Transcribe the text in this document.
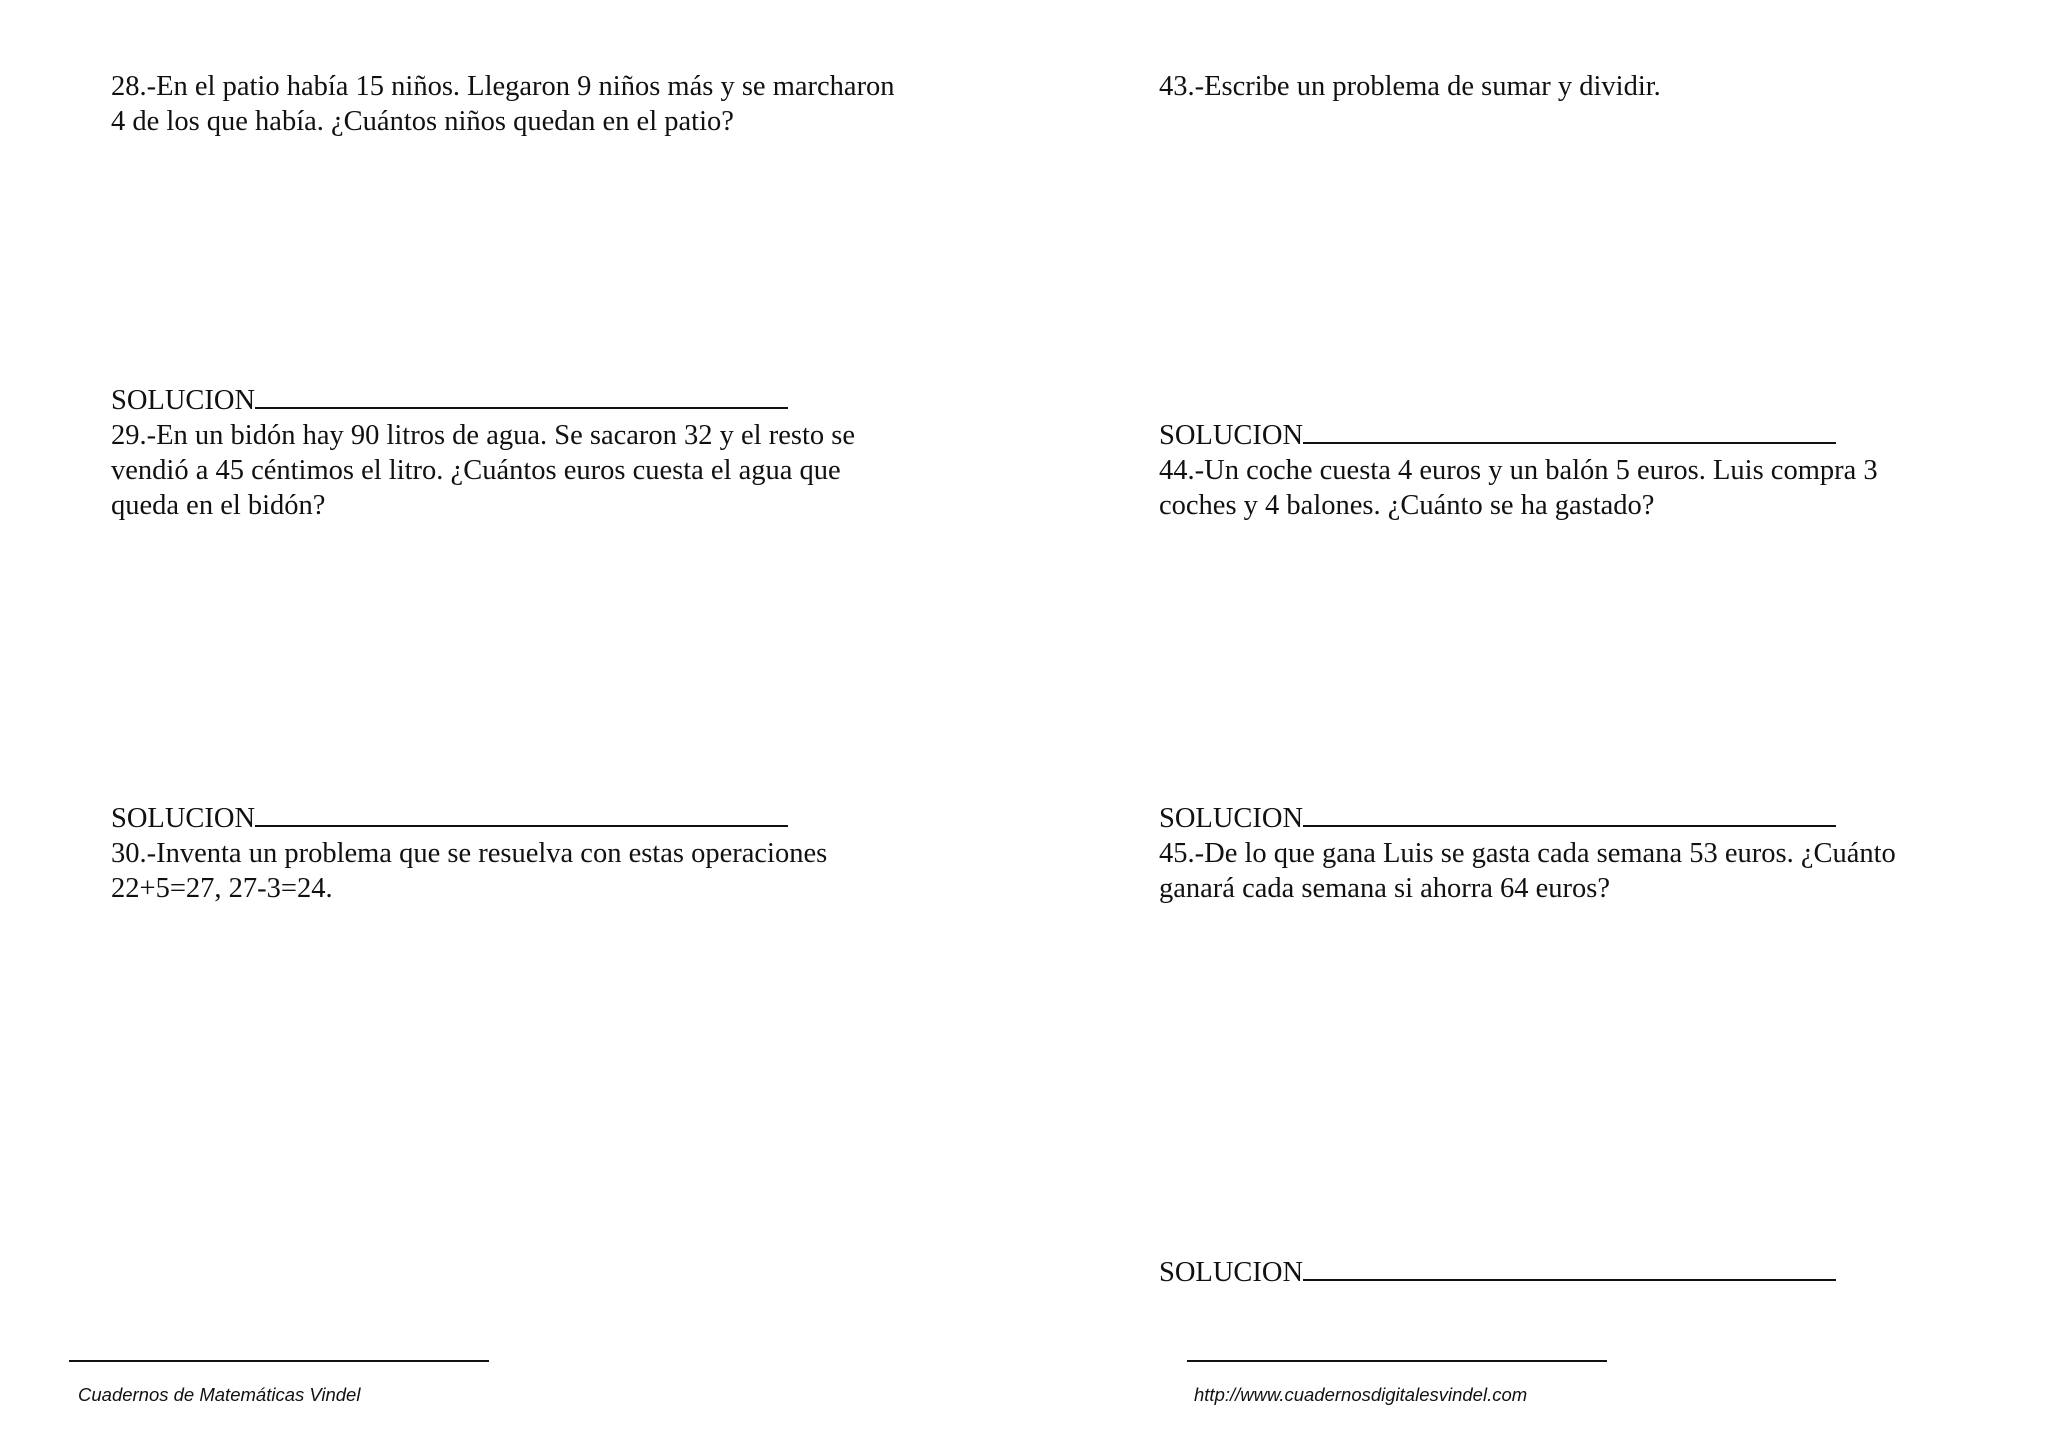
28.-En el patio había 15 niños. Llegaron 9 niños más y se marcharon
4 de los que había. ¿Cuántos niños quedan en el patio?

SOLUCION

29.-En un bidón hay 90 litros de agua. Se sacaron 32 y el resto se
vendió a 45 céntimos el litro. ¿Cuántos euros cuesta el agua que
queda en el bidón?

SOLUCION

30.-Inventa un problema que se resuelva con estas operaciones
22+5=27, 27-3=24.

43.-Escribe un problema de sumar y dividir.

SOLUCION

44.-Un coche cuesta 4 euros y un balón 5 euros. Luis compra 3
coches y 4 balones. ¿Cuánto se ha gastado?

SOLUCION

45.-De lo que gana Luis se gasta cada semana 53 euros. ¿Cuánto
ganará cada semana si ahorra 64 euros?

SOLUCION

Cuadernos de Matemáticas Vindel	http://www.cuadernosdigitalesvindel.com
